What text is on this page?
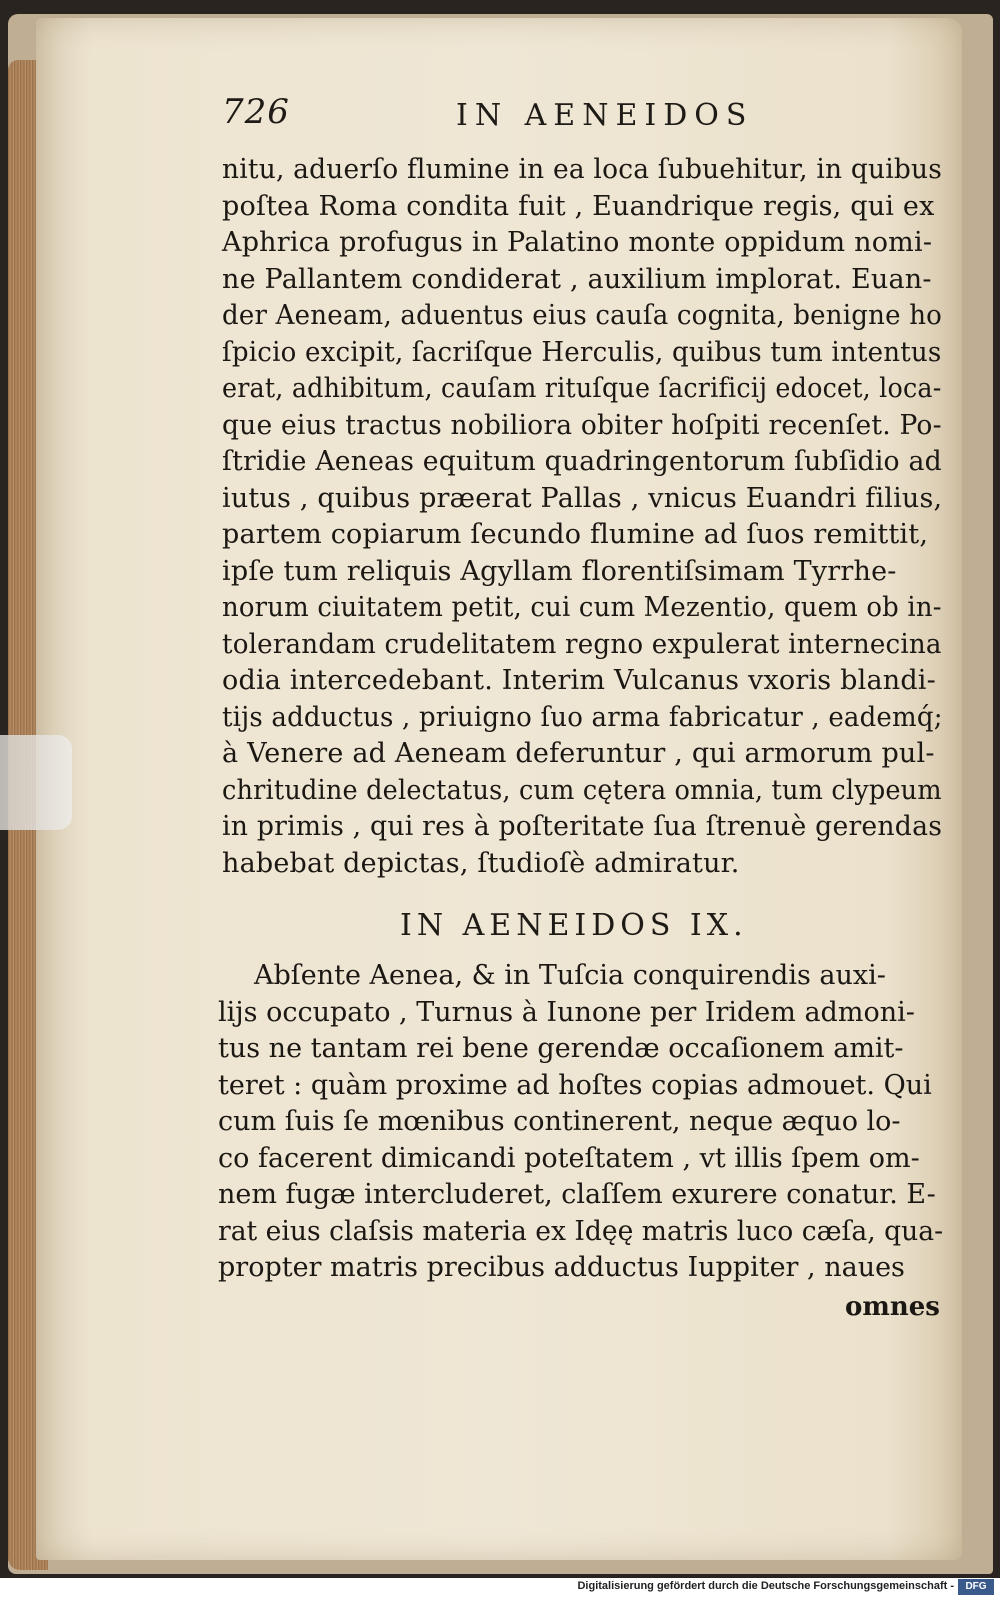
726	IN AENEIDOS
nitu, aduerſo flumine in ea loca ſubuehitur, in quibus
poſtea Roma condita fuit , Euandrique regis, qui ex
Aphrica profugus in Palatino monte oppidum nomi-
ne Pallantem condiderat , auxilium implorat. Euan-
der Aeneam, aduentus eius cauſa cognita, benigne ho
ſpicio excipit, ſacriſque Herculis, quibus tum intentus
erat, adhibitum, cauſam rituſque ſacrificij edocet, loca-
que eius tractus nobiliora obiter hoſpiti recenſet. Po-
ſtridie Aeneas equitum quadringentorum ſubſidio ad
iutus , quibus præerat Pallas , vnicus Euandri filius,
partem copiarum ſecundo flumine ad ſuos remittit,
ipſe tum reliquis Agyllam florentiſsimam Tyrrhe-
norum ciuitatem petit, cui cum Mezentio, quem ob in-
tolerandam crudelitatem regno expulerat internecina
odia intercedebant. Interim Vulcanus vxoris blandi-
tijs adductus , priuigno ſuo arma fabricatur , eademq́;
à Venere ad Aeneam deferuntur , qui armorum pul-
chritudine delectatus, cum cętera omnia, tum clypeum
in primis , qui res à poſteritate ſua ſtrenuè gerendas
habebat depictas, ſtudioſè admiratur.
IN AENEIDOS IX.
Abſente Aenea, & in Tuſcia conquirendis auxi-
lijs occupato , Turnus à Iunone per Iridem admoni-
tus ne tantam rei bene gerendæ occaſionem amit-
teret : quàm proxime ad hoſtes copias admouet. Qui
cum ſuis ſe mœnibus continerent, neque æquo lo-
co facerent dimicandi poteſtatem , vt illis ſpem om-
nem fugæ intercluderet, claſſem exurere conatur. E-
rat eius claſsis materia ex Idęę matris luco cæſa, qua-
propter matris precibus adductus Iuppiter , naues
omnes
Digitalisierung gefördert durch die Deutsche Forschungsgemeinschaft -	DFG
